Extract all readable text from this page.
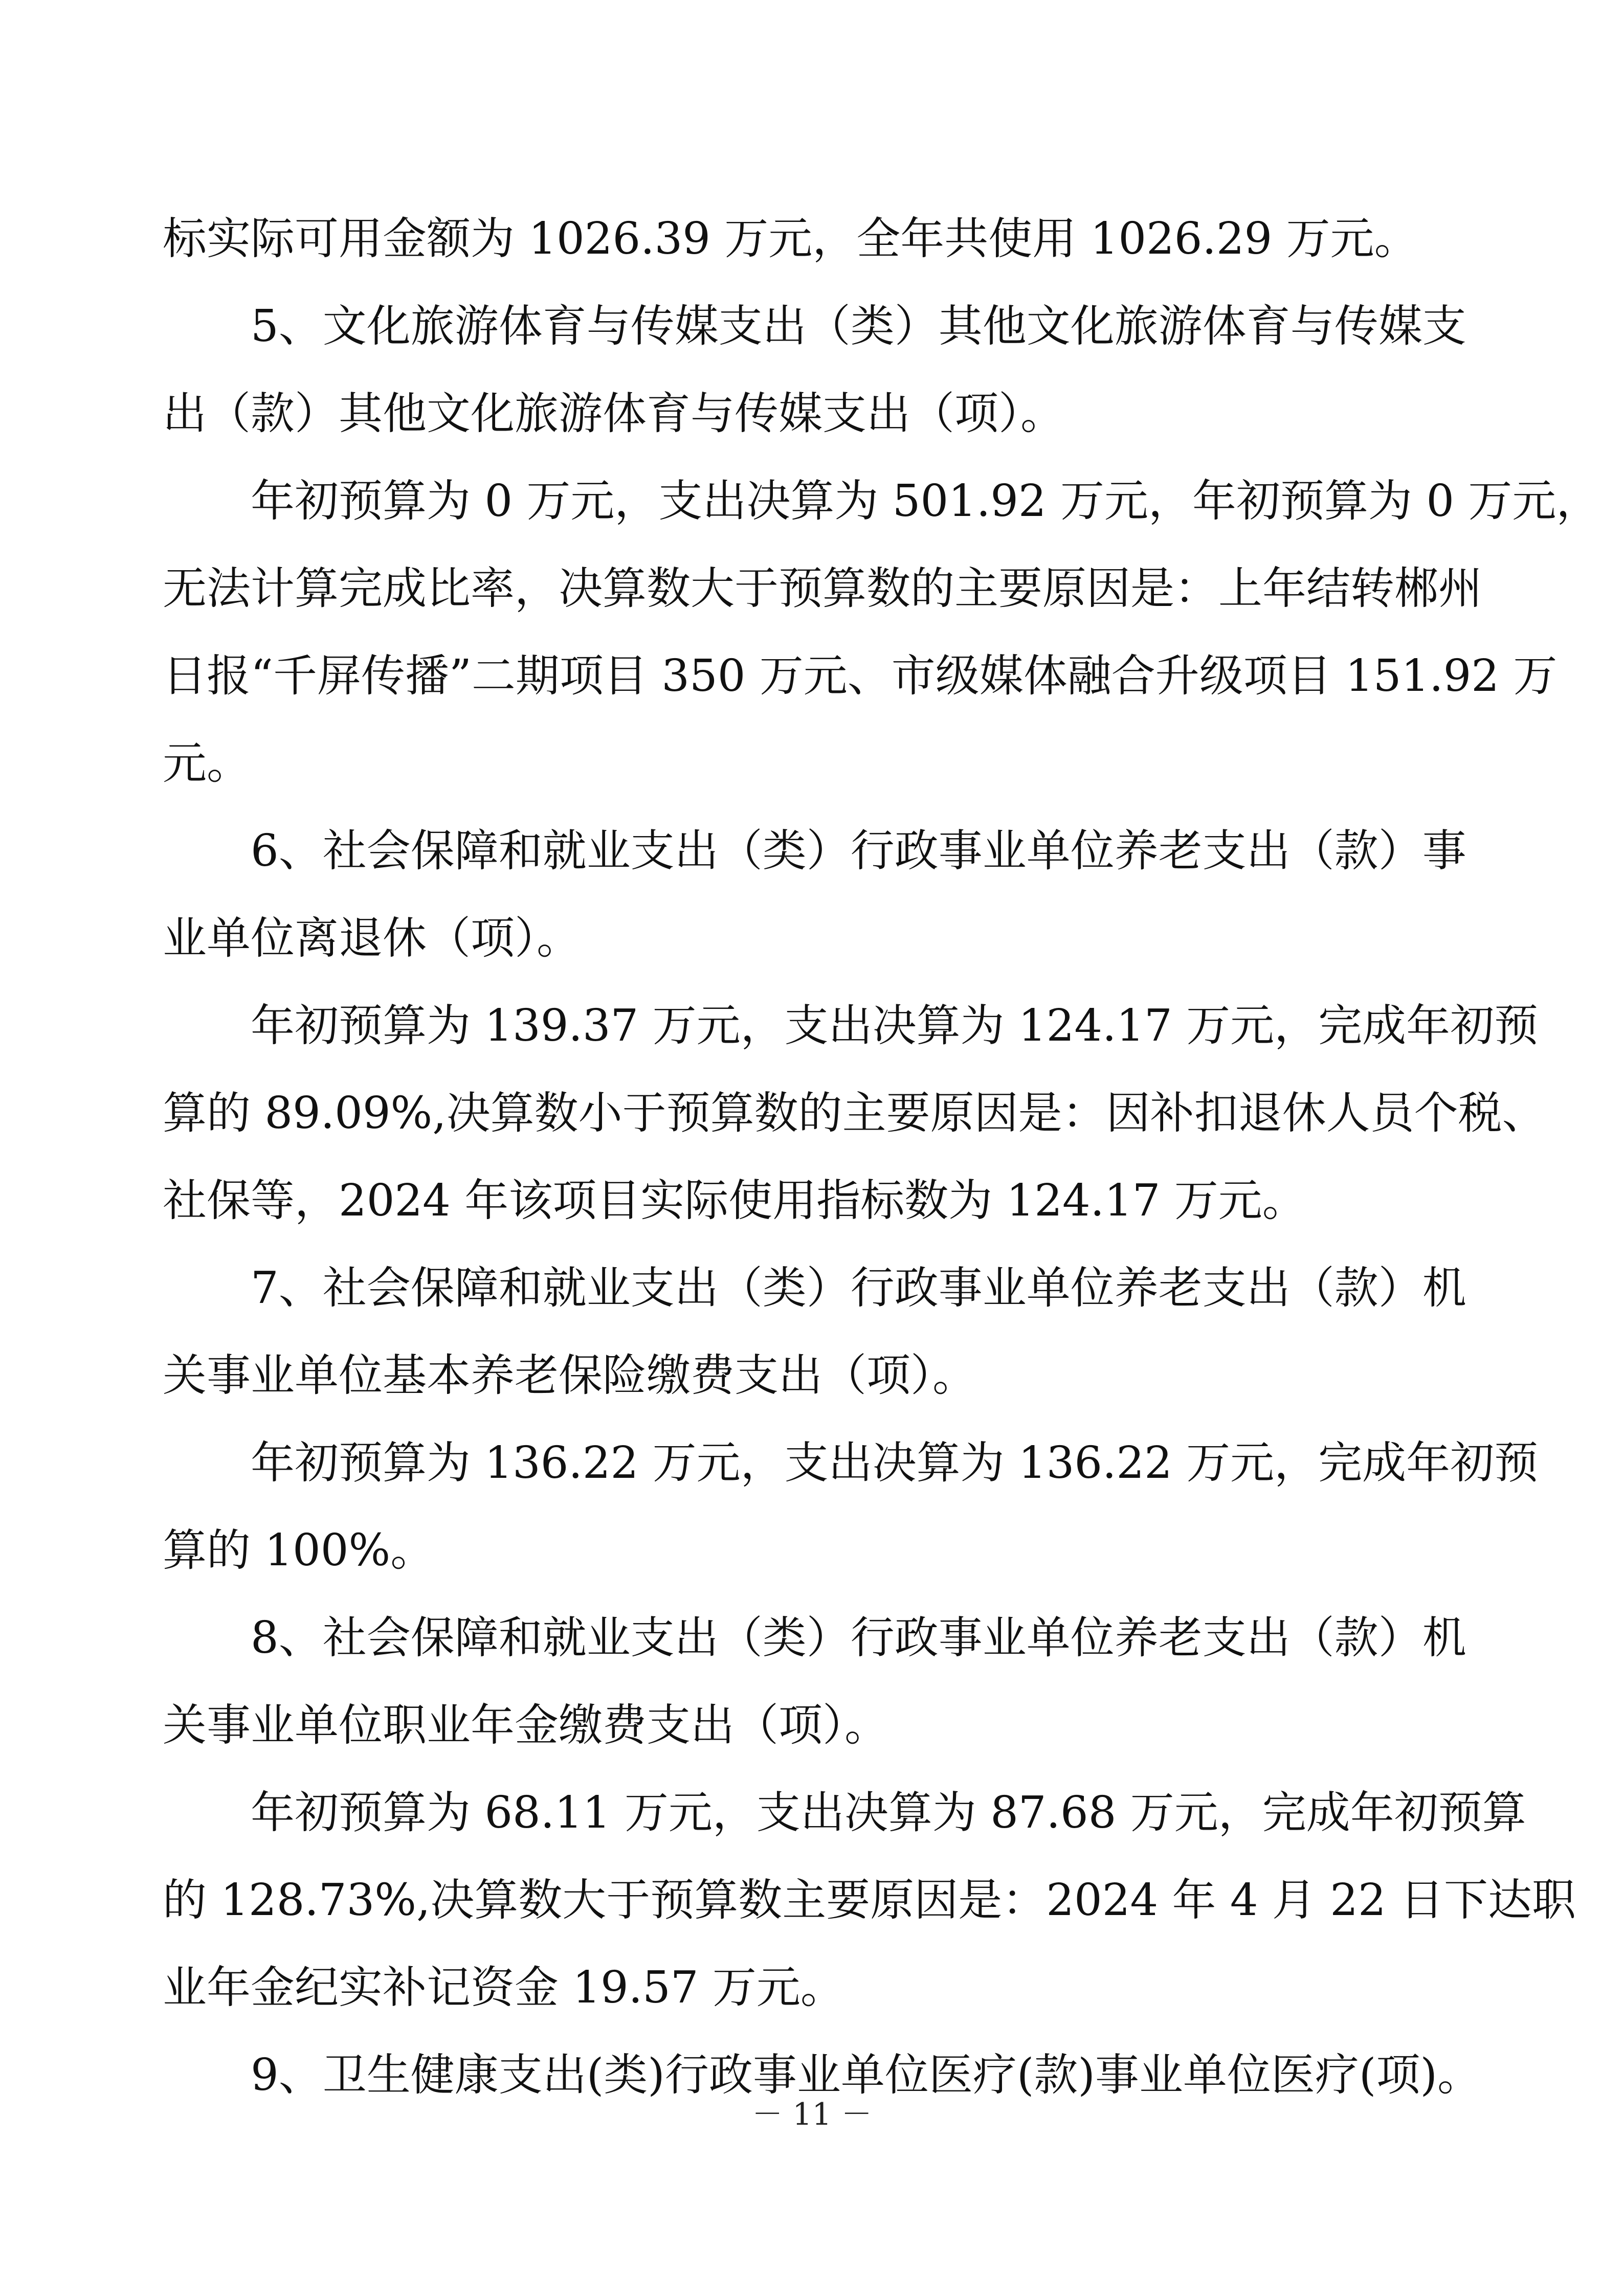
标实际可用金额为 1026.39 万元，全年共使用 1026.29 万元。
5、文化旅游体育与传媒支出（类）其他文化旅游体育与传媒支
出（款）其他文化旅游体育与传媒支出（项）。
年初预算为 0 万元，支出决算为 501.92 万元，年初预算为 0 万元，
无法计算完成比率，决算数大于预算数的主要原因是：上年结转郴州
日报“千屏传播”二期项目 350 万元、市级媒体融合升级项目 151.92 万
元。
6、社会保障和就业支出（类）行政事业单位养老支出（款）事
业单位离退休（项）。
年初预算为 139.37 万元，支出决算为 124.17 万元，完成年初预
算的 89.09%,决算数小于预算数的主要原因是：因补扣退休人员个税、
社保等，2024 年该项目实际使用指标数为 124.17 万元。
7、社会保障和就业支出（类）行政事业单位养老支出（款）机
关事业单位基本养老保险缴费支出（项）。
年初预算为 136.22 万元，支出决算为 136.22 万元，完成年初预
算的 100%。
8、社会保障和就业支出（类）行政事业单位养老支出（款）机
关事业单位职业年金缴费支出（项）。
年初预算为 68.11 万元，支出决算为 87.68 万元，完成年初预算
的 128.73%,决算数大于预算数主要原因是：2024 年 4 月 22 日下达职
业年金纪实补记资金 19.57 万元。
9、卫生健康支出(类)行政事业单位医疗(款)事业单位医疗(项)。
－ 11 －
